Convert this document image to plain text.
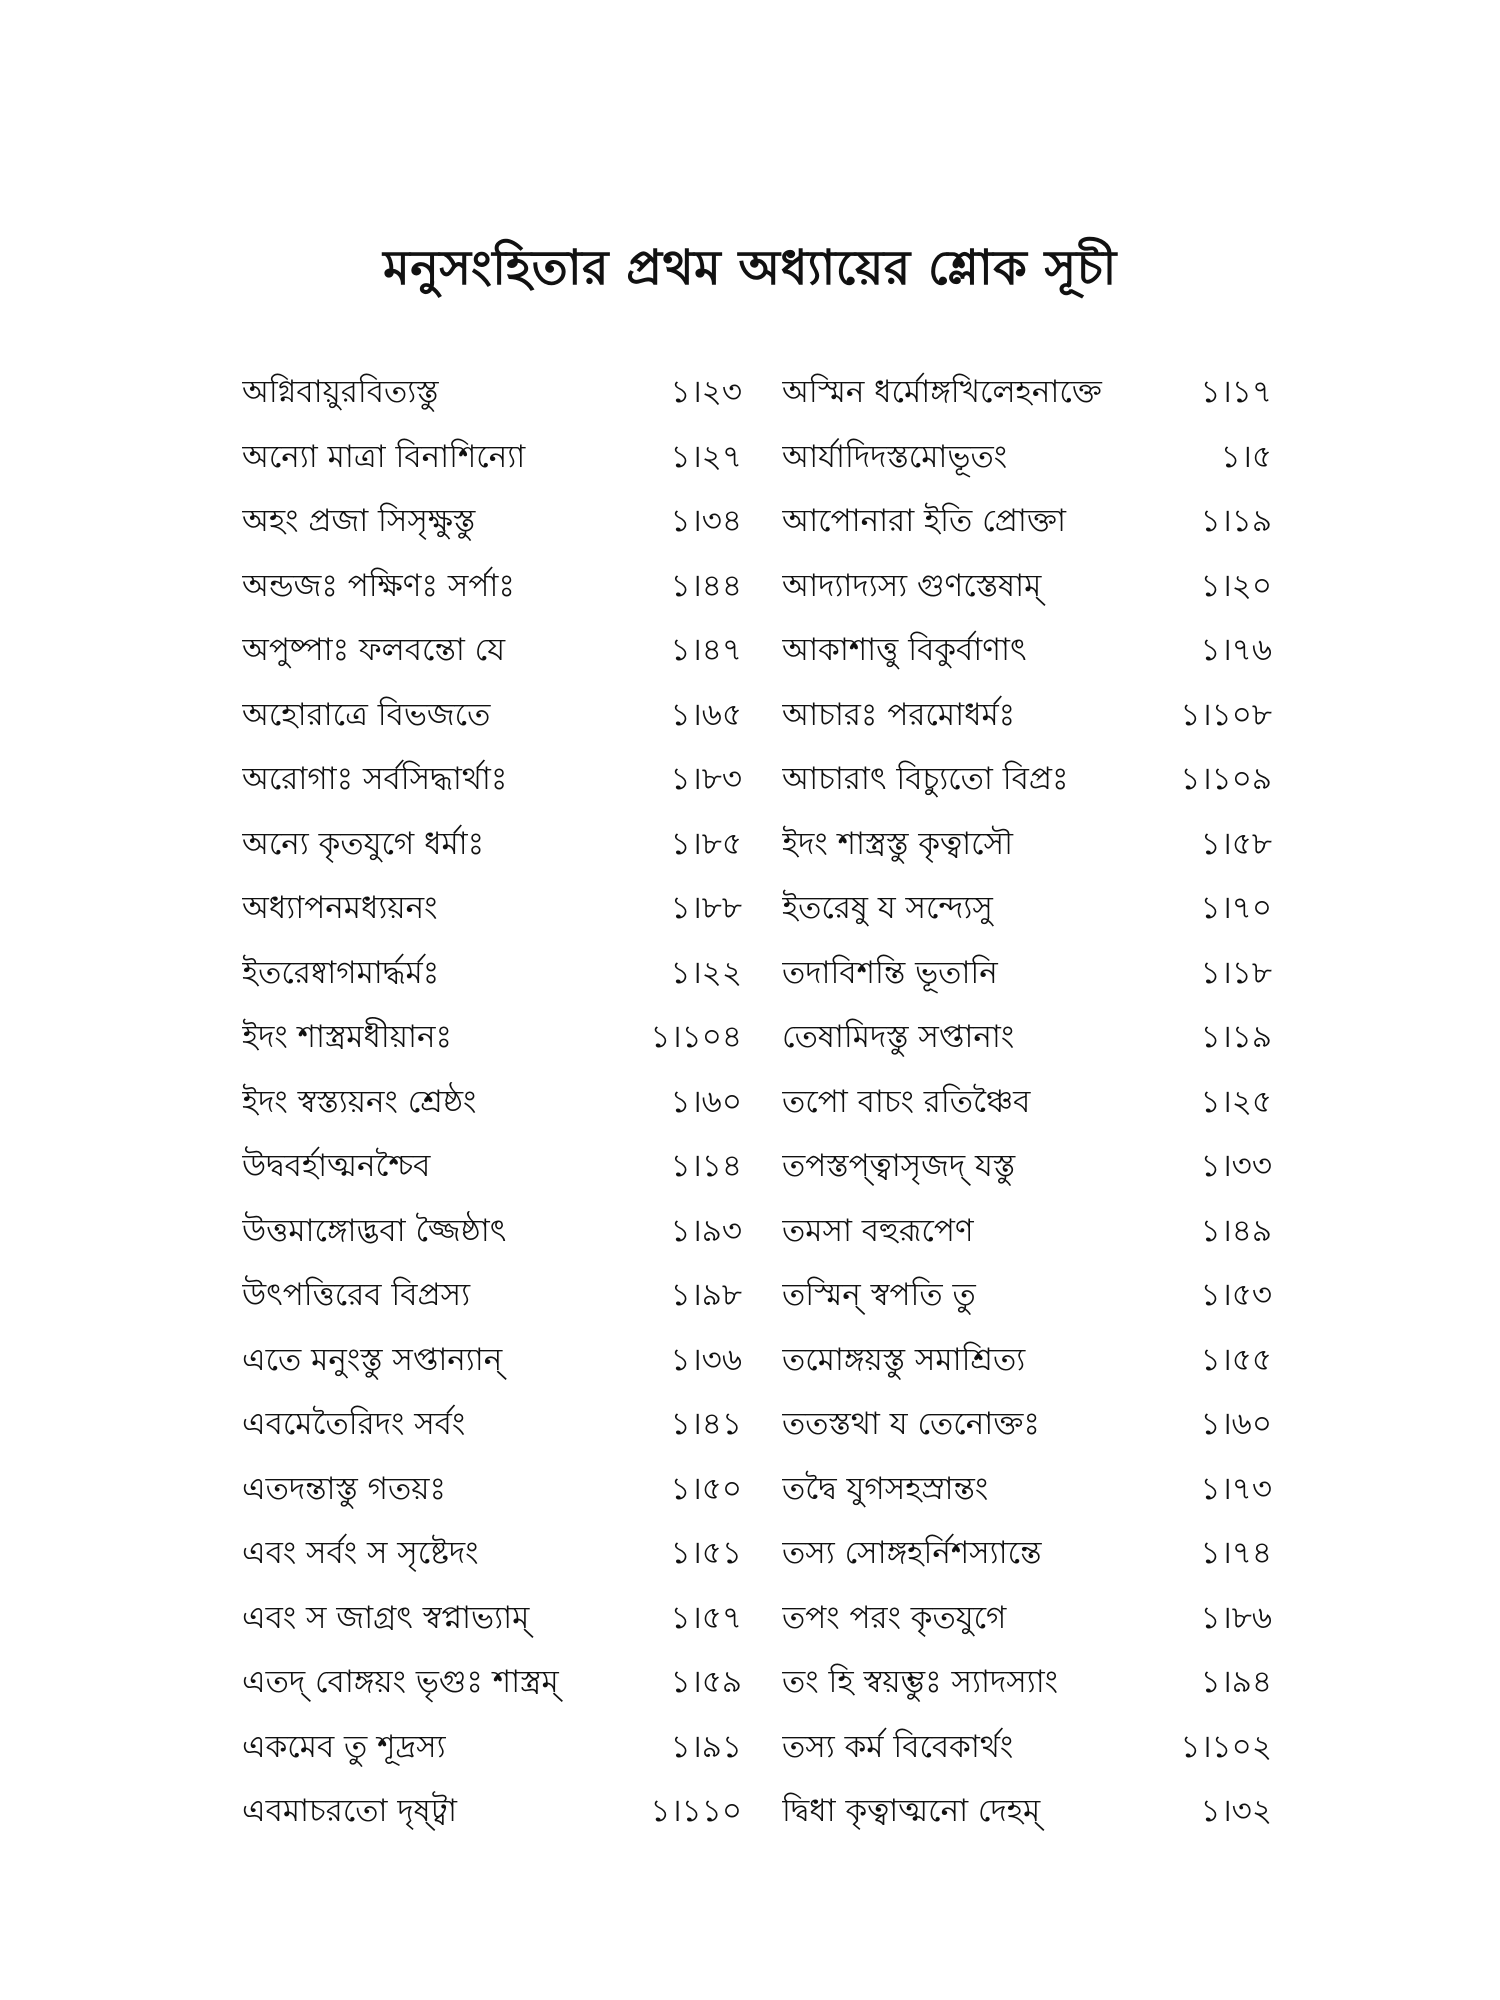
মনুসংহিতার প্রথম অধ্যায়ের শ্লোক সূচী
অগ্নিবায়ুরবিত্যস্তু	১।২৩ অস্মিন ধর্মোঙ্গখিলেহনাক্তে	১।১৭
অন্যো মাত্রা বিনাশিন্যো	১।২৭ আর্যাদিদস্তমোভূতং	১।৫
অহং প্রজা সিসৃক্ষুস্তু	১।৩৪ আপোনারা ইতি প্রোক্তা	১।১৯
অন্ডজঃ পক্ষিণঃ সর্পাঃ	১।৪৪ আদ্যাদ্যস্য গুণস্তেষাম্	১।২০
অপুষ্পাঃ ফলবন্তো যে	১।৪৭ আকাশাত্তু বিকুর্বাণাৎ	১।৭৬
অহোরাত্রে বিভজতে	১।৬৫ আচারঃ পরমোধর্মঃ	১।১০৮
অরোগাঃ সর্বসিদ্ধার্থাঃ	১।৮৩ আচারাৎ বিচ্যুতো বিপ্রঃ	১।১০৯
অন্যে কৃতযুগে ধর্মাঃ	১।৮৫ ইদং শাস্ত্রস্তু কৃত্বাসৌ	১।৫৮
অধ্যাপনমধ্যয়নং	১।৮৮ ইতরেষু য সন্দ্যেসু	১।৭০
ইতরেষ্বাগমাৰ্দ্ধৰ্মঃ	১।২২ তদাবিশন্তি ভূতানি	১।১৮
ইদং শাস্ত্রমধীয়ানঃ	১।১০৪ তেষামিদস্তু সপ্তানাং	১।১৯
ইদং স্বস্ত্যয়নং শ্রেষ্ঠং	১।৬০ তপো বাচং রতিঞ্চৈব	১।২৫
উদ্ববর্হাত্মনশ্চৈব	১।১৪ তপস্তপ্ত্বাসৃজদ্ যস্তু	১।৩৩
উত্তমাঙ্গোদ্ভবা জ্জৈষ্ঠাৎ	১।৯৩ তমসা বহুরূপেণ	১।৪৯
উৎপত্তিরেব বিপ্রস্য	১।৯৮ তস্মিন্ স্বপতি তু	১।৫৩
এতে মনুংস্তু সপ্তান্যান্	১।৩৬ তমোঙ্গয়স্তু সমাশ্রিত্য	১।৫৫
এবমেতৈরিদং সর্বং	১।৪১ ততস্তথা য তেনোক্তঃ	১।৬০
এতদন্তাস্তু গতয়ঃ	১।৫০ তদ্বৈ যুগসহস্রান্তং	১।৭৩
এবং সর্বং স সৃষ্টেদং	১।৫১ তস্য সোঙ্গহর্নিশস্যান্তে	১।৭৪
এবং স জাগ্রৎ স্বপ্নাভ্যাম্	১।৫৭ তপং পরং কৃতযুগে	১।৮৬
এতদ্ বোঙ্গয়ং ভৃগুঃ শাস্ত্রম্	১।৫৯ তং হি স্বয়ম্ভুঃ স্যাদস্যাং	১।৯৪
একমেব তু শূদ্রস্য	১।৯১ তস্য কর্ম বিবেকার্থং	১।১০২
এবমাচরতো দৃষ্ট্বা	১।১১০ দ্বিধা কৃত্বাত্মনো দেহম্	১।৩২
